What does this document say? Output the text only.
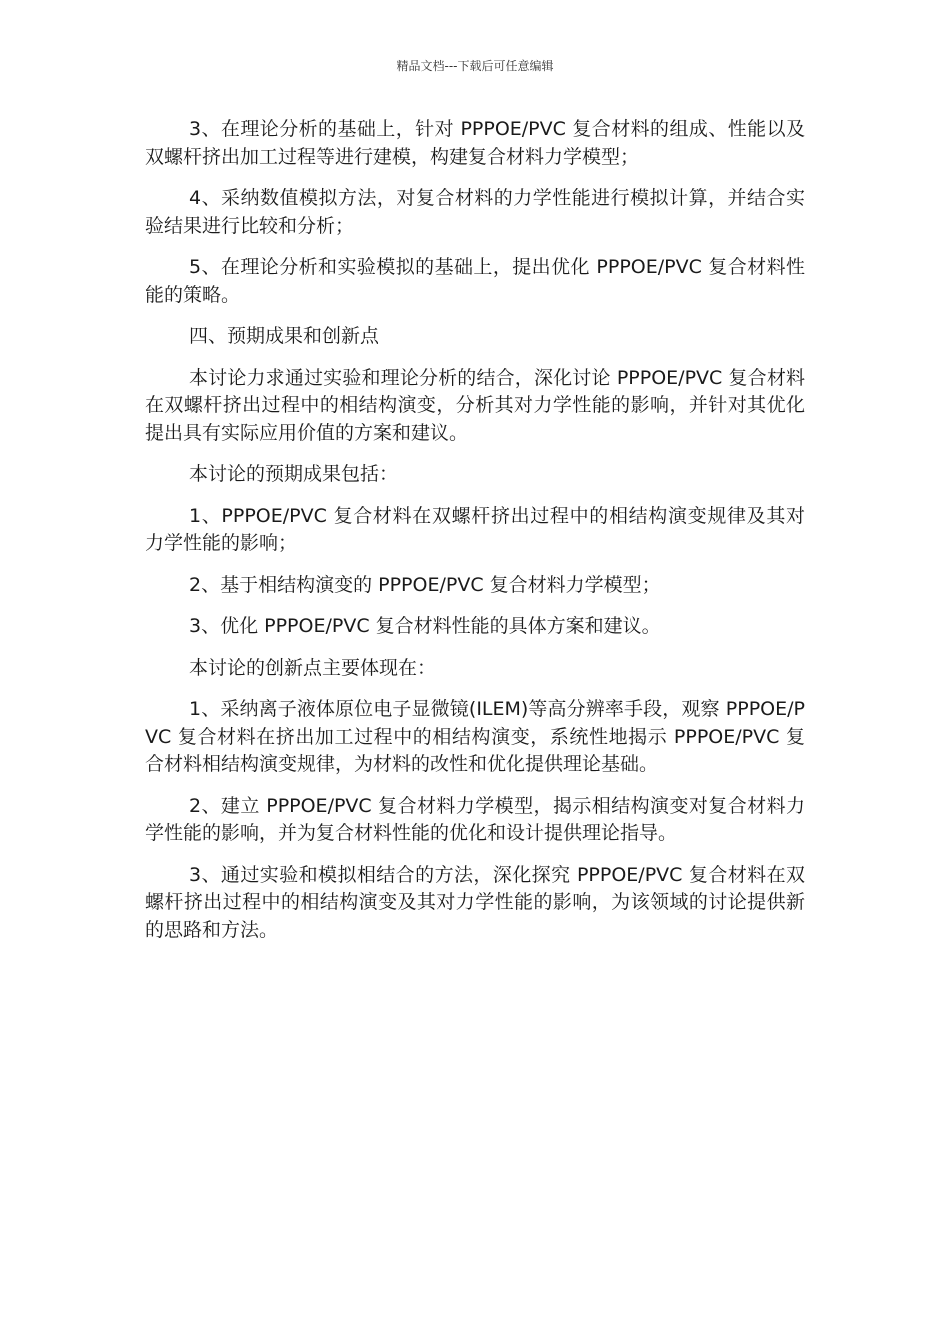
精品文档---下载后可任意编辑

3、在理论分析的基础上，针对 PPPOE/PVC 复合材料的组成、性能以及双螺杆挤出加工过程等进行建模，构建复合材料力学模型；

4、采纳数值模拟方法，对复合材料的力学性能进行模拟计算，并结合实验结果进行比较和分析；

5、在理论分析和实验模拟的基础上，提出优化 PPPOE/PVC 复合材料性能的策略。

四、预期成果和创新点

本讨论力求通过实验和理论分析的结合，深化讨论 PPPOE/PVC 复合材料在双螺杆挤出过程中的相结构演变，分析其对力学性能的影响，并针对其优化提出具有实际应用价值的方案和建议。

本讨论的预期成果包括：

1、PPPOE/PVC 复合材料在双螺杆挤出过程中的相结构演变规律及其对力学性能的影响；

2、基于相结构演变的 PPPOE/PVC 复合材料力学模型；

3、优化 PPPOE/PVC 复合材料性能的具体方案和建议。

本讨论的创新点主要体现在：

1、采纳离子液体原位电子显微镜(ILEM)等高分辨率手段，观察 PPPOE/PVC 复合材料在挤出加工过程中的相结构演变，系统性地揭示 PPPOE/PVC 复合材料相结构演变规律，为材料的改性和优化提供理论基础。

2、建立 PPPOE/PVC 复合材料力学模型，揭示相结构演变对复合材料力学性能的影响，并为复合材料性能的优化和设计提供理论指导。

3、通过实验和模拟相结合的方法，深化探究 PPPOE/PVC 复合材料在双螺杆挤出过程中的相结构演变及其对力学性能的影响，为该领域的讨论提供新的思路和方法。
